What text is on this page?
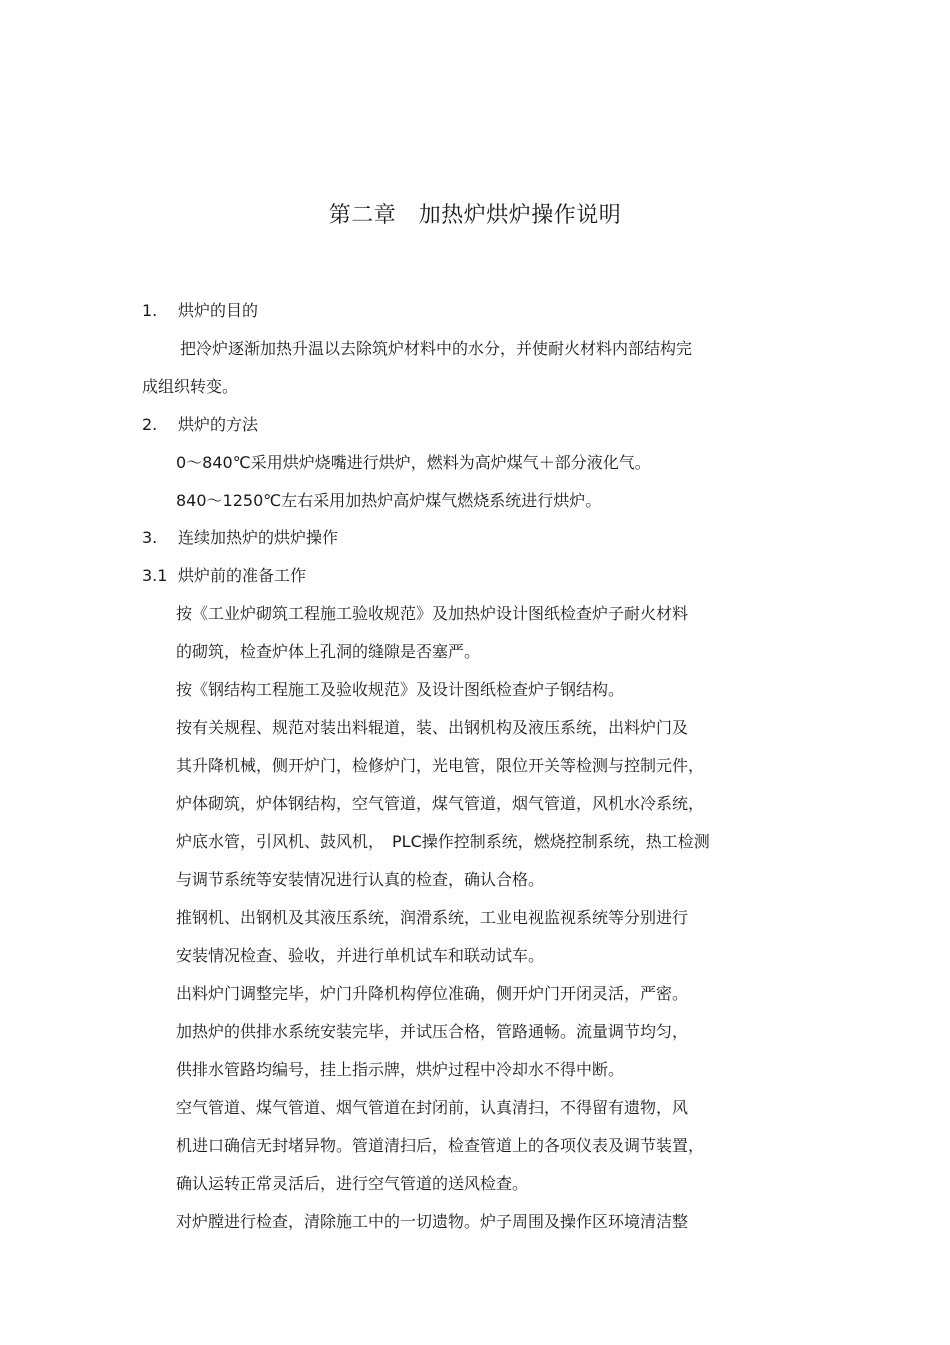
第二章　加热炉烘炉操作说明
1. 烘炉的目的
把冷炉逐渐加热升温以去除筑炉材料中的水分，并使耐火材料内部结构完
成组织转变。
2. 烘炉的方法
0～840℃采用烘炉烧嘴进行烘炉，燃料为高炉煤气＋部分液化气。
840～1250℃左右采用加热炉高炉煤气燃烧系统进行烘炉。
3. 连续加热炉的烘炉操作
3.1 烘炉前的准备工作
按《工业炉砌筑工程施工验收规范》及加热炉设计图纸检查炉子耐火材料
的砌筑，检查炉体上孔洞的缝隙是否塞严。
按《钢结构工程施工及验收规范》及设计图纸检查炉子钢结构。
按有关规程、规范对装出料辊道，装、出钢机构及液压系统，出料炉门及
其升降机械，侧开炉门，检修炉门，光电管，限位开关等检测与控制元件，
炉体砌筑，炉体钢结构，空气管道，煤气管道，烟气管道，风机水冷系统，
炉底水管，引风机、鼓风机，　PLC操作控制系统，燃烧控制系统，热工检测
与调节系统等安装情况进行认真的检查，确认合格。
推钢机、出钢机及其液压系统，润滑系统，工业电视监视系统等分别进行
安装情况检查、验收，并进行单机试车和联动试车。
出料炉门调整完毕，炉门升降机构停位准确，侧开炉门开闭灵活，严密。
加热炉的供排水系统安装完毕，并试压合格，管路通畅。流量调节均匀，
供排水管路均编号，挂上指示牌，烘炉过程中冷却水不得中断。
空气管道、煤气管道、烟气管道在封闭前，认真清扫，不得留有遗物，风
机进口确信无封堵异物。管道清扫后，检查管道上的各项仪表及调节装置，
确认运转正常灵活后，进行空气管道的送风检查。
对炉膛进行检查，清除施工中的一切遗物。炉子周围及操作区环境清洁整
